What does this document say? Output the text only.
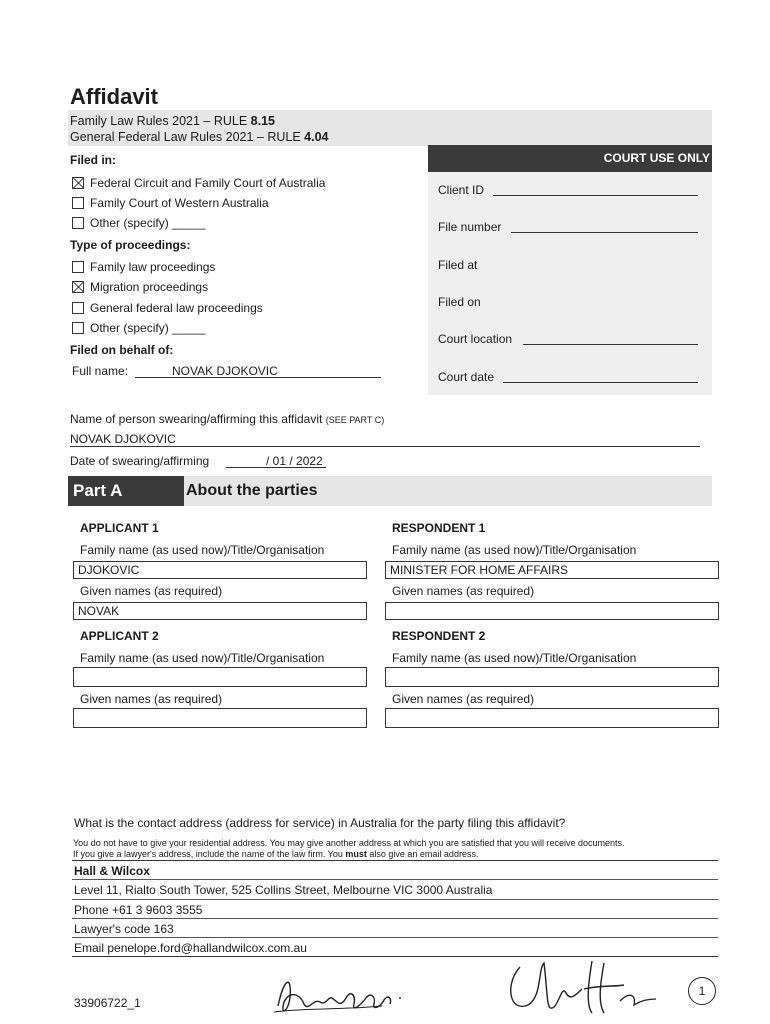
Affidavit
Family Law Rules 2021 – RULE 8.15
General Federal Law Rules 2021 – RULE 4.04
Filed in:
Federal Circuit and Family Court of Australia
Family Court of Western Australia
Other (specify) _____
Type of proceedings:
Family law proceedings
Migration proceedings
General federal law proceedings
Other (specify) _____
Filed on behalf of:
Full name:	NOVAK DJOKOVIC
COURT USE ONLY
Client ID
File number
Filed at
Filed on
Court location
Court date
Name of person swearing/affirming this affidavit (SEE PART C)
NOVAK DJOKOVIC
Date of swearing/affirming	/ 01 / 2022
Part A	About the parties
APPLICANT 1
Family name (as used now)/Title/Organisation
DJOKOVIC
Given names (as required)
NOVAK
RESPONDENT 1
Family name (as used now)/Title/Organisation
MINISTER FOR HOME AFFAIRS
Given names (as required)
APPLICANT 2
Family name (as used now)/Title/Organisation
Given names (as required)
RESPONDENT 2
Family name (as used now)/Title/Organisation
Given names (as required)
What is the contact address (address for service) in Australia for the party filing this affidavit?
You do not have to give your residential address. You may give another address at which you are satisfied that you will receive documents.
If you give a lawyer's address, include the name of the law firm. You must also give an email address.
Hall & Wilcox
Level 11, Rialto South Tower, 525 Collins Street, Melbourne VIC 3000 Australia
Phone +61 3 9603 3555
Lawyer's code 163
Email penelope.ford@hallandwilcox.com.au
33906722_1
1
